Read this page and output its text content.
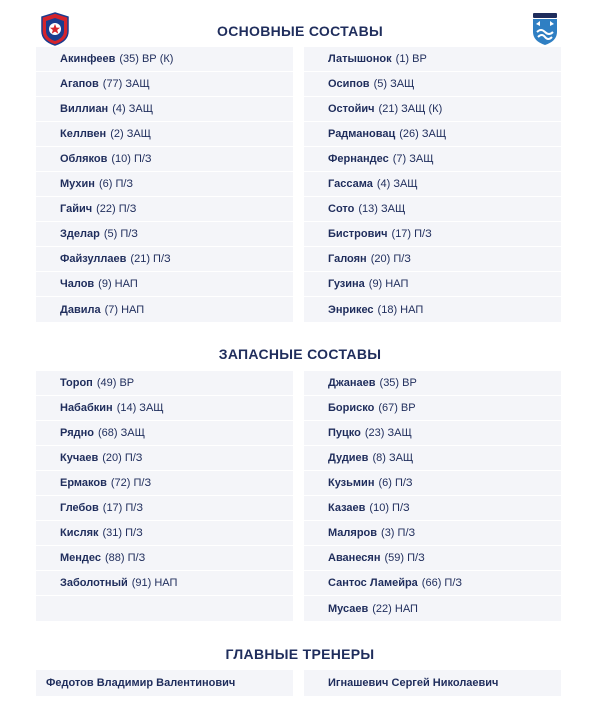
ОСНОВНЫЕ СОСТАВЫ
Акинфеев (35) ВР (К)
Агапов (77) ЗАЩ
Виллиан (4) ЗАЩ
Келлвен (2) ЗАЩ
Обляков (10) П/З
Мухин (6) П/З
Гайич (22) П/З
Зделар (5) П/З
Файзуллаев (21) П/З
Чалов (9) НАП
Давила (7) НАП
Латышонок (1) ВР
Осипов (5) ЗАЩ
Остойич (21) ЗАЩ (К)
Радмановац (26) ЗАЩ
Фернандес (7) ЗАЩ
Гассама (4) ЗАЩ
Сото (13) ЗАЩ
Бистрович (17) П/З
Галоян (20) П/З
Гузина (9) НАП
Энрикес (18) НАП
ЗАПАСНЫЕ СОСТАВЫ
Тороп (49) ВР
Набабкин (14) ЗАЩ
Рядно (68) ЗАЩ
Кучаев (20) П/З
Ермаков (72) П/З
Глебов (17) П/З
Кисляк (31) П/З
Мендес (88) П/З
Заболотный (91) НАП
Джанаев (35) ВР
Бориско (67) ВР
Пуцко (23) ЗАЩ
Дудиев (8) ЗАЩ
Кузьмин (6) П/З
Казаев (10) П/З
Маляров (3) П/З
Аванесян (59) П/З
Сантос Ламейра (66) П/З
Мусаев (22) НАП
ГЛАВНЫЕ ТРЕНЕРЫ
Федотов Владимир Валентинович	Игнашевич Сергей Николаевич
